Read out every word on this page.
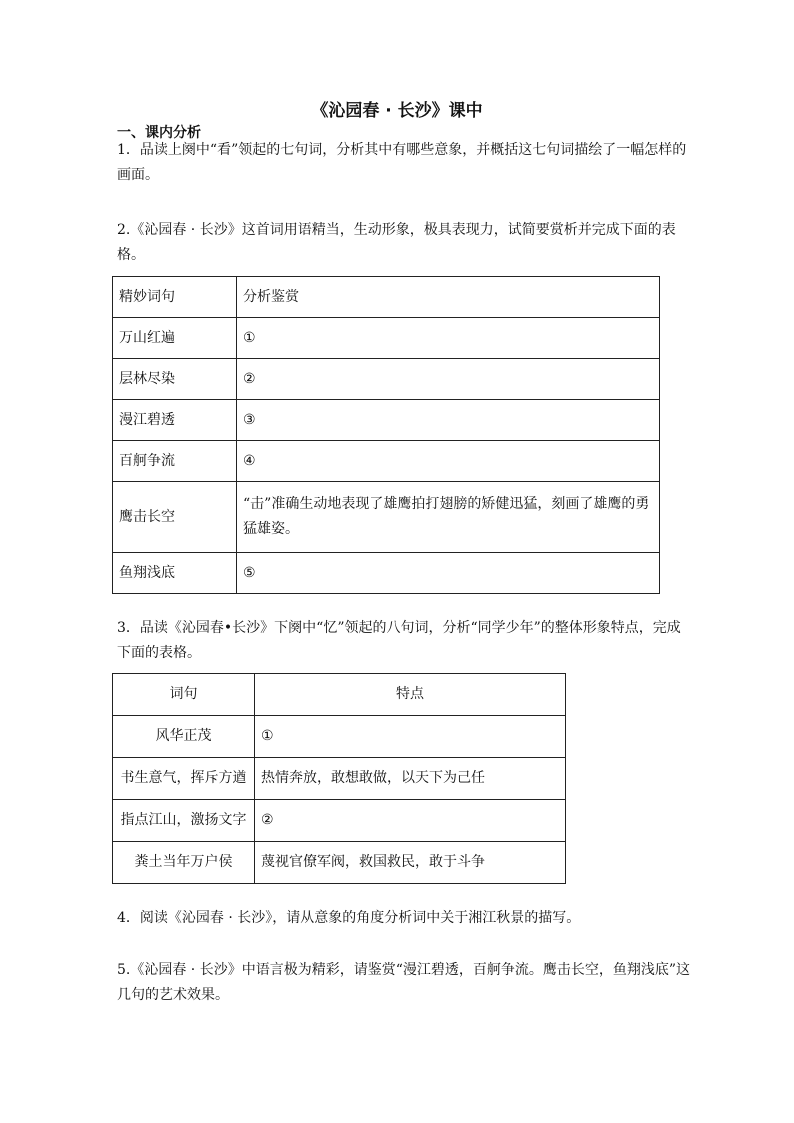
《沁园春 · 长沙》课中
一、课内分析
1．品读上阕中“看”领起的七句词，分析其中有哪些意象，并概括这七句词描绘了一幅怎样的画面。
2.《沁园春 · 长沙》这首词用语精当，生动形象，极具表现力，试简要赏析并完成下面的表格。
精妙词句	分析鉴赏
万山红遍	①
层林尽染	②
漫江碧透	③
百舸争流	④
鹰击长空	“击”准确生动地表现了雄鹰拍打翅膀的矫健迅猛，刻画了雄鹰的勇猛雄姿。
鱼翔浅底	⑤
3．品读《沁园春•长沙》下阕中“忆”领起的八句词，分析“同学少年”的整体形象特点，完成下面的表格。
词句	特点
风华正茂	①
书生意气，挥斥方遒	热情奔放，敢想敢做，以天下为己任
指点江山，激扬文字	②
粪土当年万户侯	蔑视官僚军阀，救国救民，敢于斗争
4．阅读《沁园春 · 长沙》，请从意象的角度分析词中关于湘江秋景的描写。
5.《沁园春 · 长沙》中语言极为精彩，请鉴赏“漫江碧透，百舸争流。鹰击长空，鱼翔浅底”这几句的艺术效果。
